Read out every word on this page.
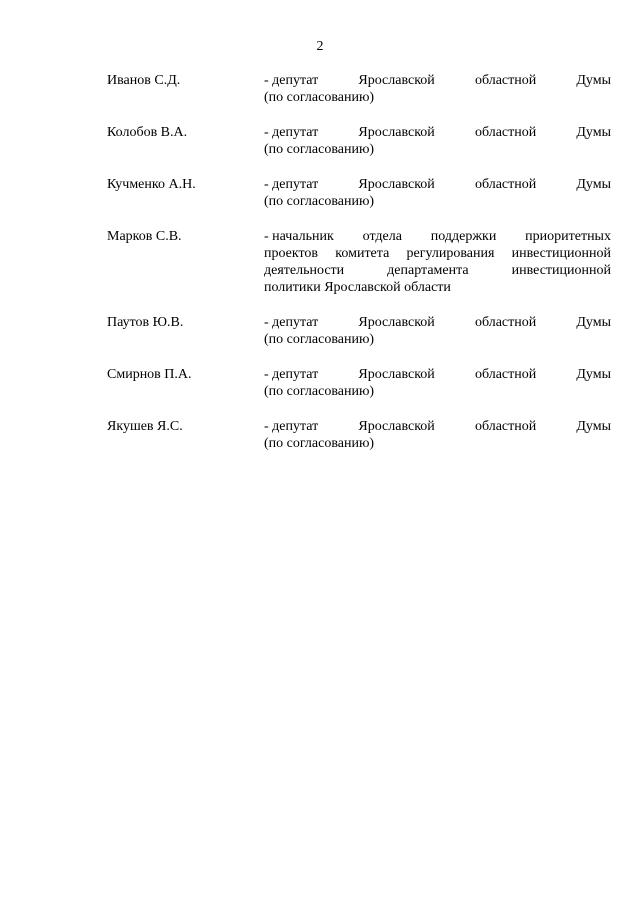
2
Иванов С.Д.	- депутат	Ярославской	областной	Думы
(по согласованию)
Колобов В.А.	- депутат	Ярославской	областной	Думы
(по согласованию)
Кучменко А.Н.	- депутат	Ярославской	областной	Думы
(по согласованию)
Марков С.В.	- начальник отдела поддержки приоритетных
проектов комитета регулирования инвестиционной
деятельности	департамента	инвестиционной
политики Ярославской области
Паутов Ю.В.	- депутат	Ярославской	областной	Думы
(по согласованию)
Смирнов П.А.	- депутат	Ярославской	областной	Думы
(по согласованию)
Якушев Я.С.	- депутат	Ярославской	областной	Думы
(по согласованию)
